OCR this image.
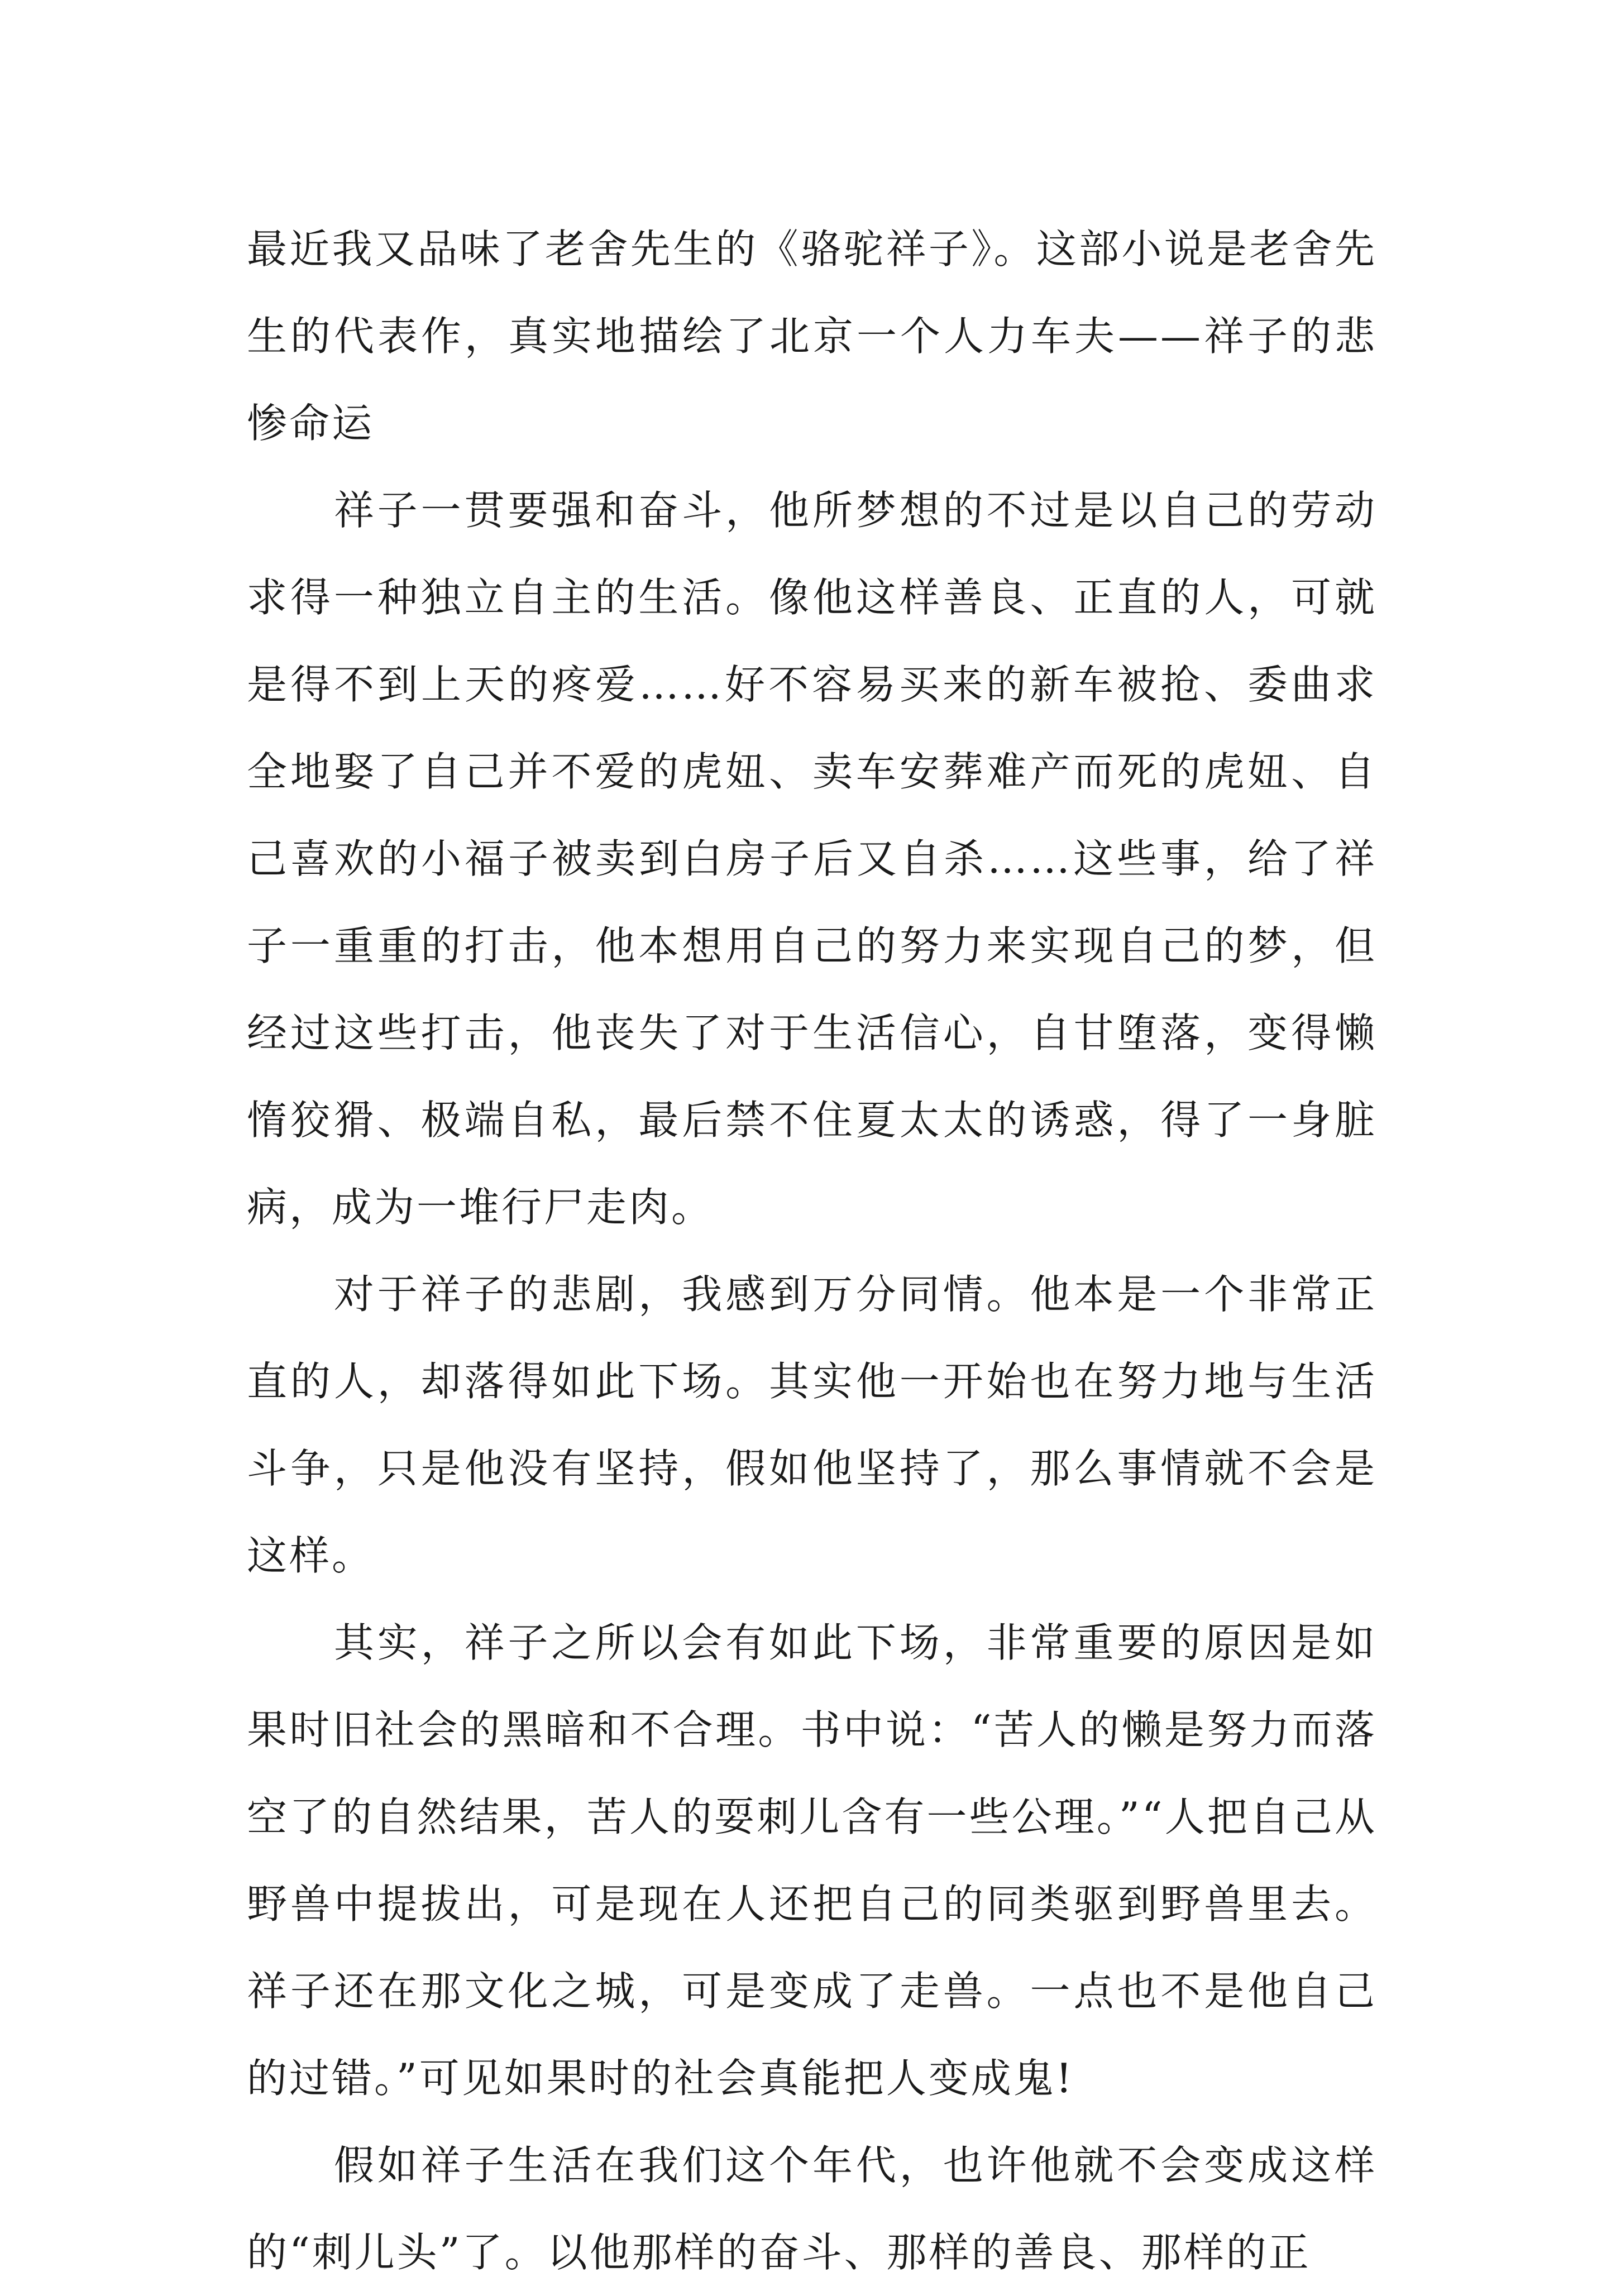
最近我又品味了老舍先生的《骆驼祥子》。这部小说是老舍先生的代表作，真实地描绘了北京一个人力车夫——祥子的悲惨命运

　　祥子一贯要强和奋斗，他所梦想的不过是以自己的劳动求得一种独立自主的生活。像他这样善良、正直的人，可就是得不到上天的疼爱……好不容易买来的新车被抢、委曲求全地娶了自己并不爱的虎妞、卖车安葬难产而死的虎妞、自己喜欢的小福子被卖到白房子后又自杀……这些事，给了祥子一重重的打击，他本想用自己的努力来实现自己的梦，但经过这些打击，他丧失了对于生活信心，自甘堕落，变得懒惰狡猾、极端自私，最后禁不住夏太太的诱惑，得了一身脏病，成为一堆行尸走肉。

　　对于祥子的悲剧，我感到万分同情。他本是一个非常正直的人，却落得如此下场。其实他一开始也在努力地与生活斗争，只是他没有坚持，假如他坚持了，那么事情就不会是这样。

　　其实，祥子之所以会有如此下场，非常重要的原因是如果时旧社会的黑暗和不合理。书中说：“苦人的懒是努力而落空了的自然结果，苦人的耍刺儿含有一些公理。”“人把自己从野兽中提拔出，可是现在人还把自己的同类驱到野兽里去。祥子还在那文化之城，可是变成了走兽。一点也不是他自己的过错。”可见如果时的社会真能把人变成鬼!

　　假如祥子生活在我们这个年代，也许他就不会变成这样的“刺儿头”了。以他那样的奋斗、那样的善良、那样的正
